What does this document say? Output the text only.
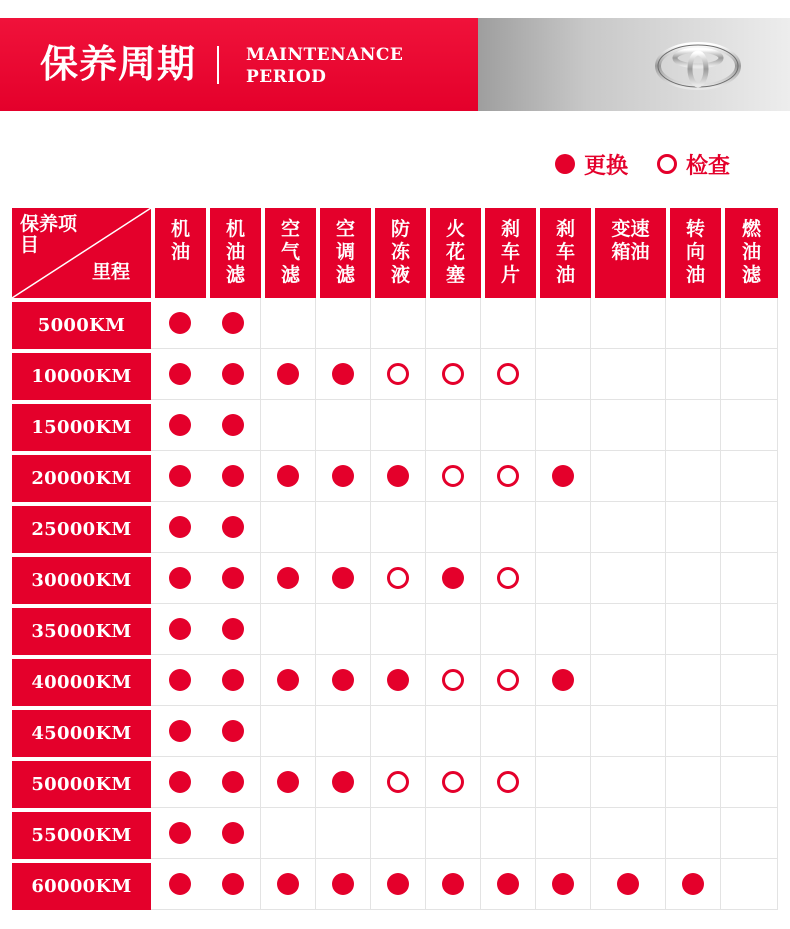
保养周期	MAINTENANCE
PERIOD
更换	检查
保养项目
里程
机油
机油滤
空气滤
空调滤
防冻液
火花塞
刹车片
刹车油
变速箱油
转向油
燃油滤
5000KM
10000KM
15000KM
20000KM
25000KM
30000KM
35000KM
40000KM
45000KM
50000KM
55000KM
60000KM
